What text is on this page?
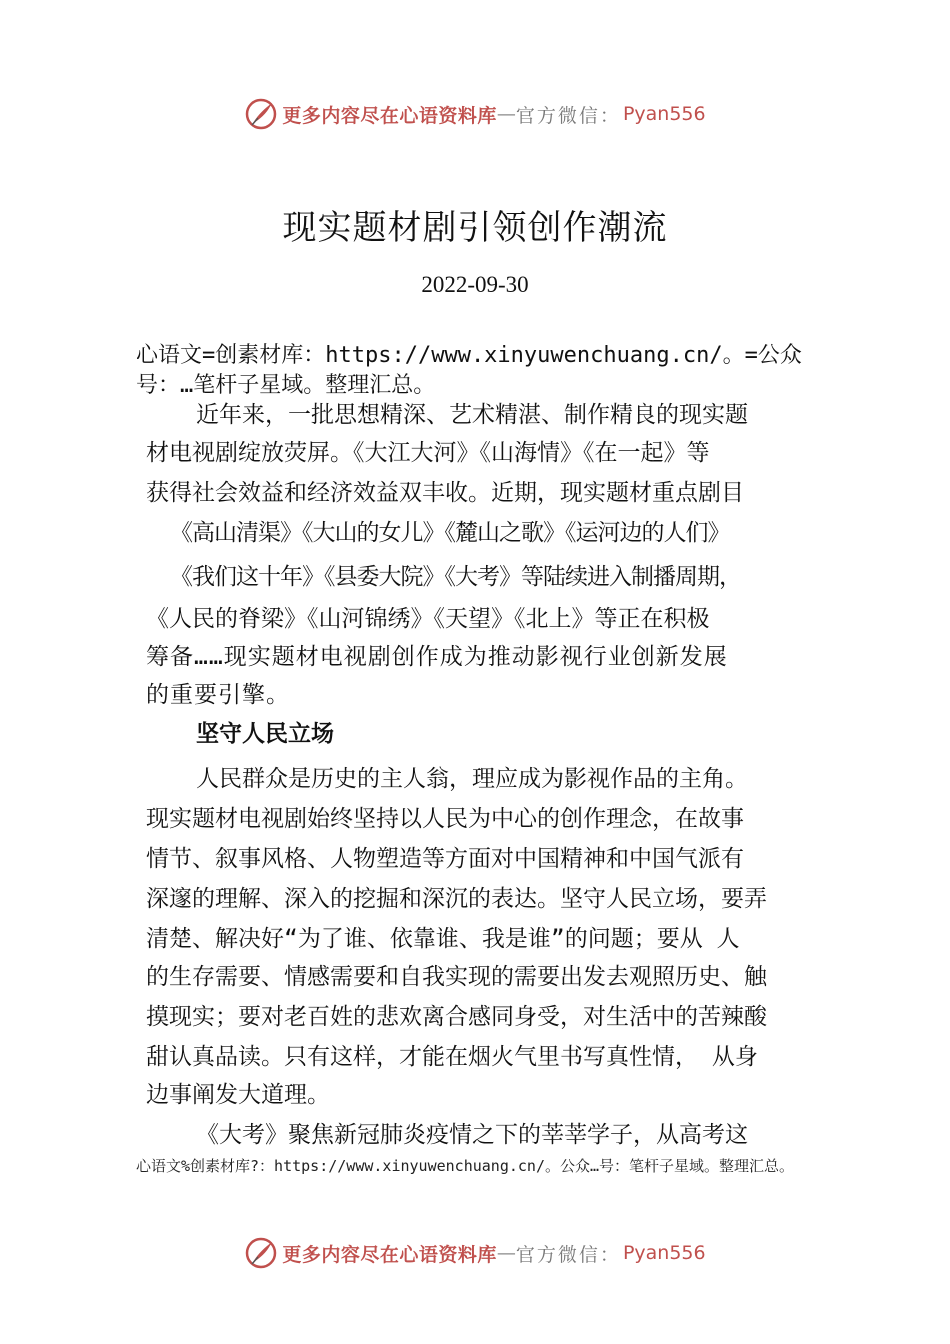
更多内容尽在心语资料库 — 官方微信： Pyan556
现实题材剧引领创作潮流
2022-09-30
心语文=创素材库：https://www.xinyuwenchuang.cn/。=公众
号：…笔杆子星域。整理汇总。
近年来，一批思想精深、艺术精湛、制作精良的现实题
材电视剧绽放荧屏。《大江大河》《山海情》《在一起》等
获得社会效益和经济效益双丰收。近期，现实题材重点剧目
《高山清渠》《大山的女儿》《麓山之歌》《运河边的人们》
《我们这十年》《县委大院》《大考》等陆续进入制播周期，
《人民的脊梁》《山河锦绣》《天望》《北上》等正在积极
筹备……现实题材电视剧创作成为推动影视行业创新发展
的重要引擎。
坚守人民立场
人民群众是历史的主人翁，理应成为影视作品的主角。
现实题材电视剧始终坚持以人民为中心的创作理念，在故事
情节、叙事风格、人物塑造等方面对中国精神和中国气派有
深邃的理解、深入的挖掘和深沉的表达。坚守人民立场，要弄
清楚、解决好“为了谁、依靠谁、我是谁”的问题；要从 人
的生存需要、情感需要和自我实现的需要出发去观照历史、触
摸现实；要对老百姓的悲欢离合感同身受，对生活中的苦辣酸
甜认真品读。只有这样，才能在烟火气里书写真性情， 从身
边事阐发大道理。
《大考》聚焦新冠肺炎疫情之下的莘莘学子，从高考这
心语文%创素材库?：https://www.xinyuwenchuang.cn/。公众…号：笔杆子星域。整理汇总。
更多内容尽在心语资料库 — 官方微信： Pyan556
